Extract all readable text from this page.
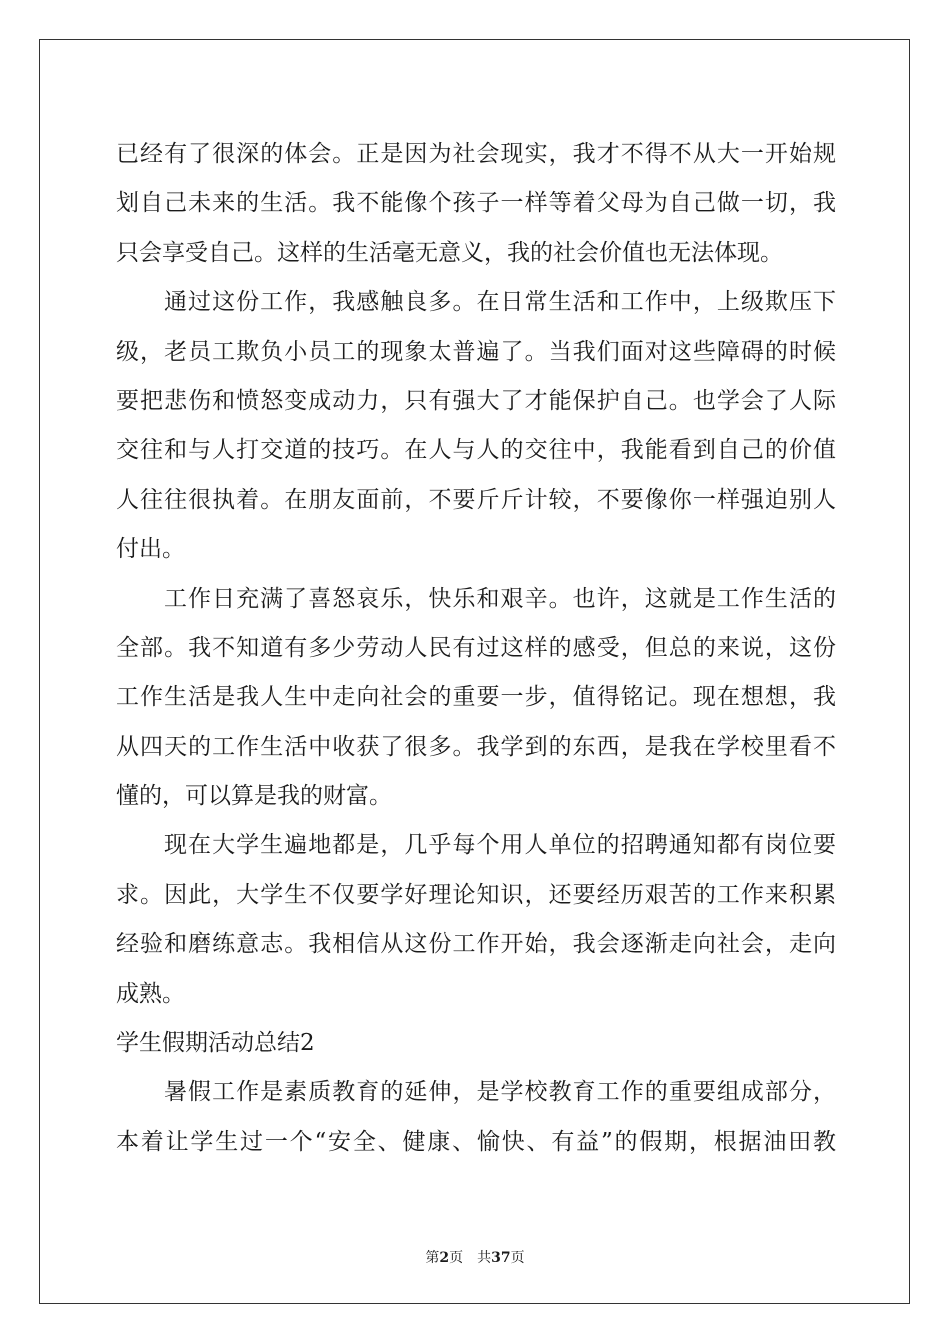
已经有了很深的体会。正是因为社会现实，我才不得不从大一开始规
划自己未来的生活。我不能像个孩子一样等着父母为自己做一切，我
只会享受自己。这样的生活毫无意义，我的社会价值也无法体现。
通过这份工作，我感触良多。在日常生活和工作中，上级欺压下
级，老员工欺负小员工的现象太普遍了。当我们面对这些障碍的时候
要把悲伤和愤怒变成动力，只有强大了才能保护自己。也学会了人际
交往和与人打交道的技巧。在人与人的交往中，我能看到自己的价值
人往往很执着。在朋友面前，不要斤斤计较，不要像你一样强迫别人
付出。
工作日充满了喜怒哀乐，快乐和艰辛。也许，这就是工作生活的
全部。我不知道有多少劳动人民有过这样的感受，但总的来说，这份
工作生活是我人生中走向社会的重要一步，值得铭记。现在想想，我
从四天的工作生活中收获了很多。我学到的东西，是我在学校里看不
懂的，可以算是我的财富。
现在大学生遍地都是，几乎每个用人单位的招聘通知都有岗位要
求。因此，大学生不仅要学好理论知识，还要经历艰苦的工作来积累
经验和磨练意志。我相信从这份工作开始，我会逐渐走向社会，走向
成熟。
学生假期活动总结2
暑假工作是素质教育的延伸，是学校教育工作的重要组成部分，
本着让学生过一个“安全、健康、愉快、有益”的假期，根据油田教
第2页 共37页
